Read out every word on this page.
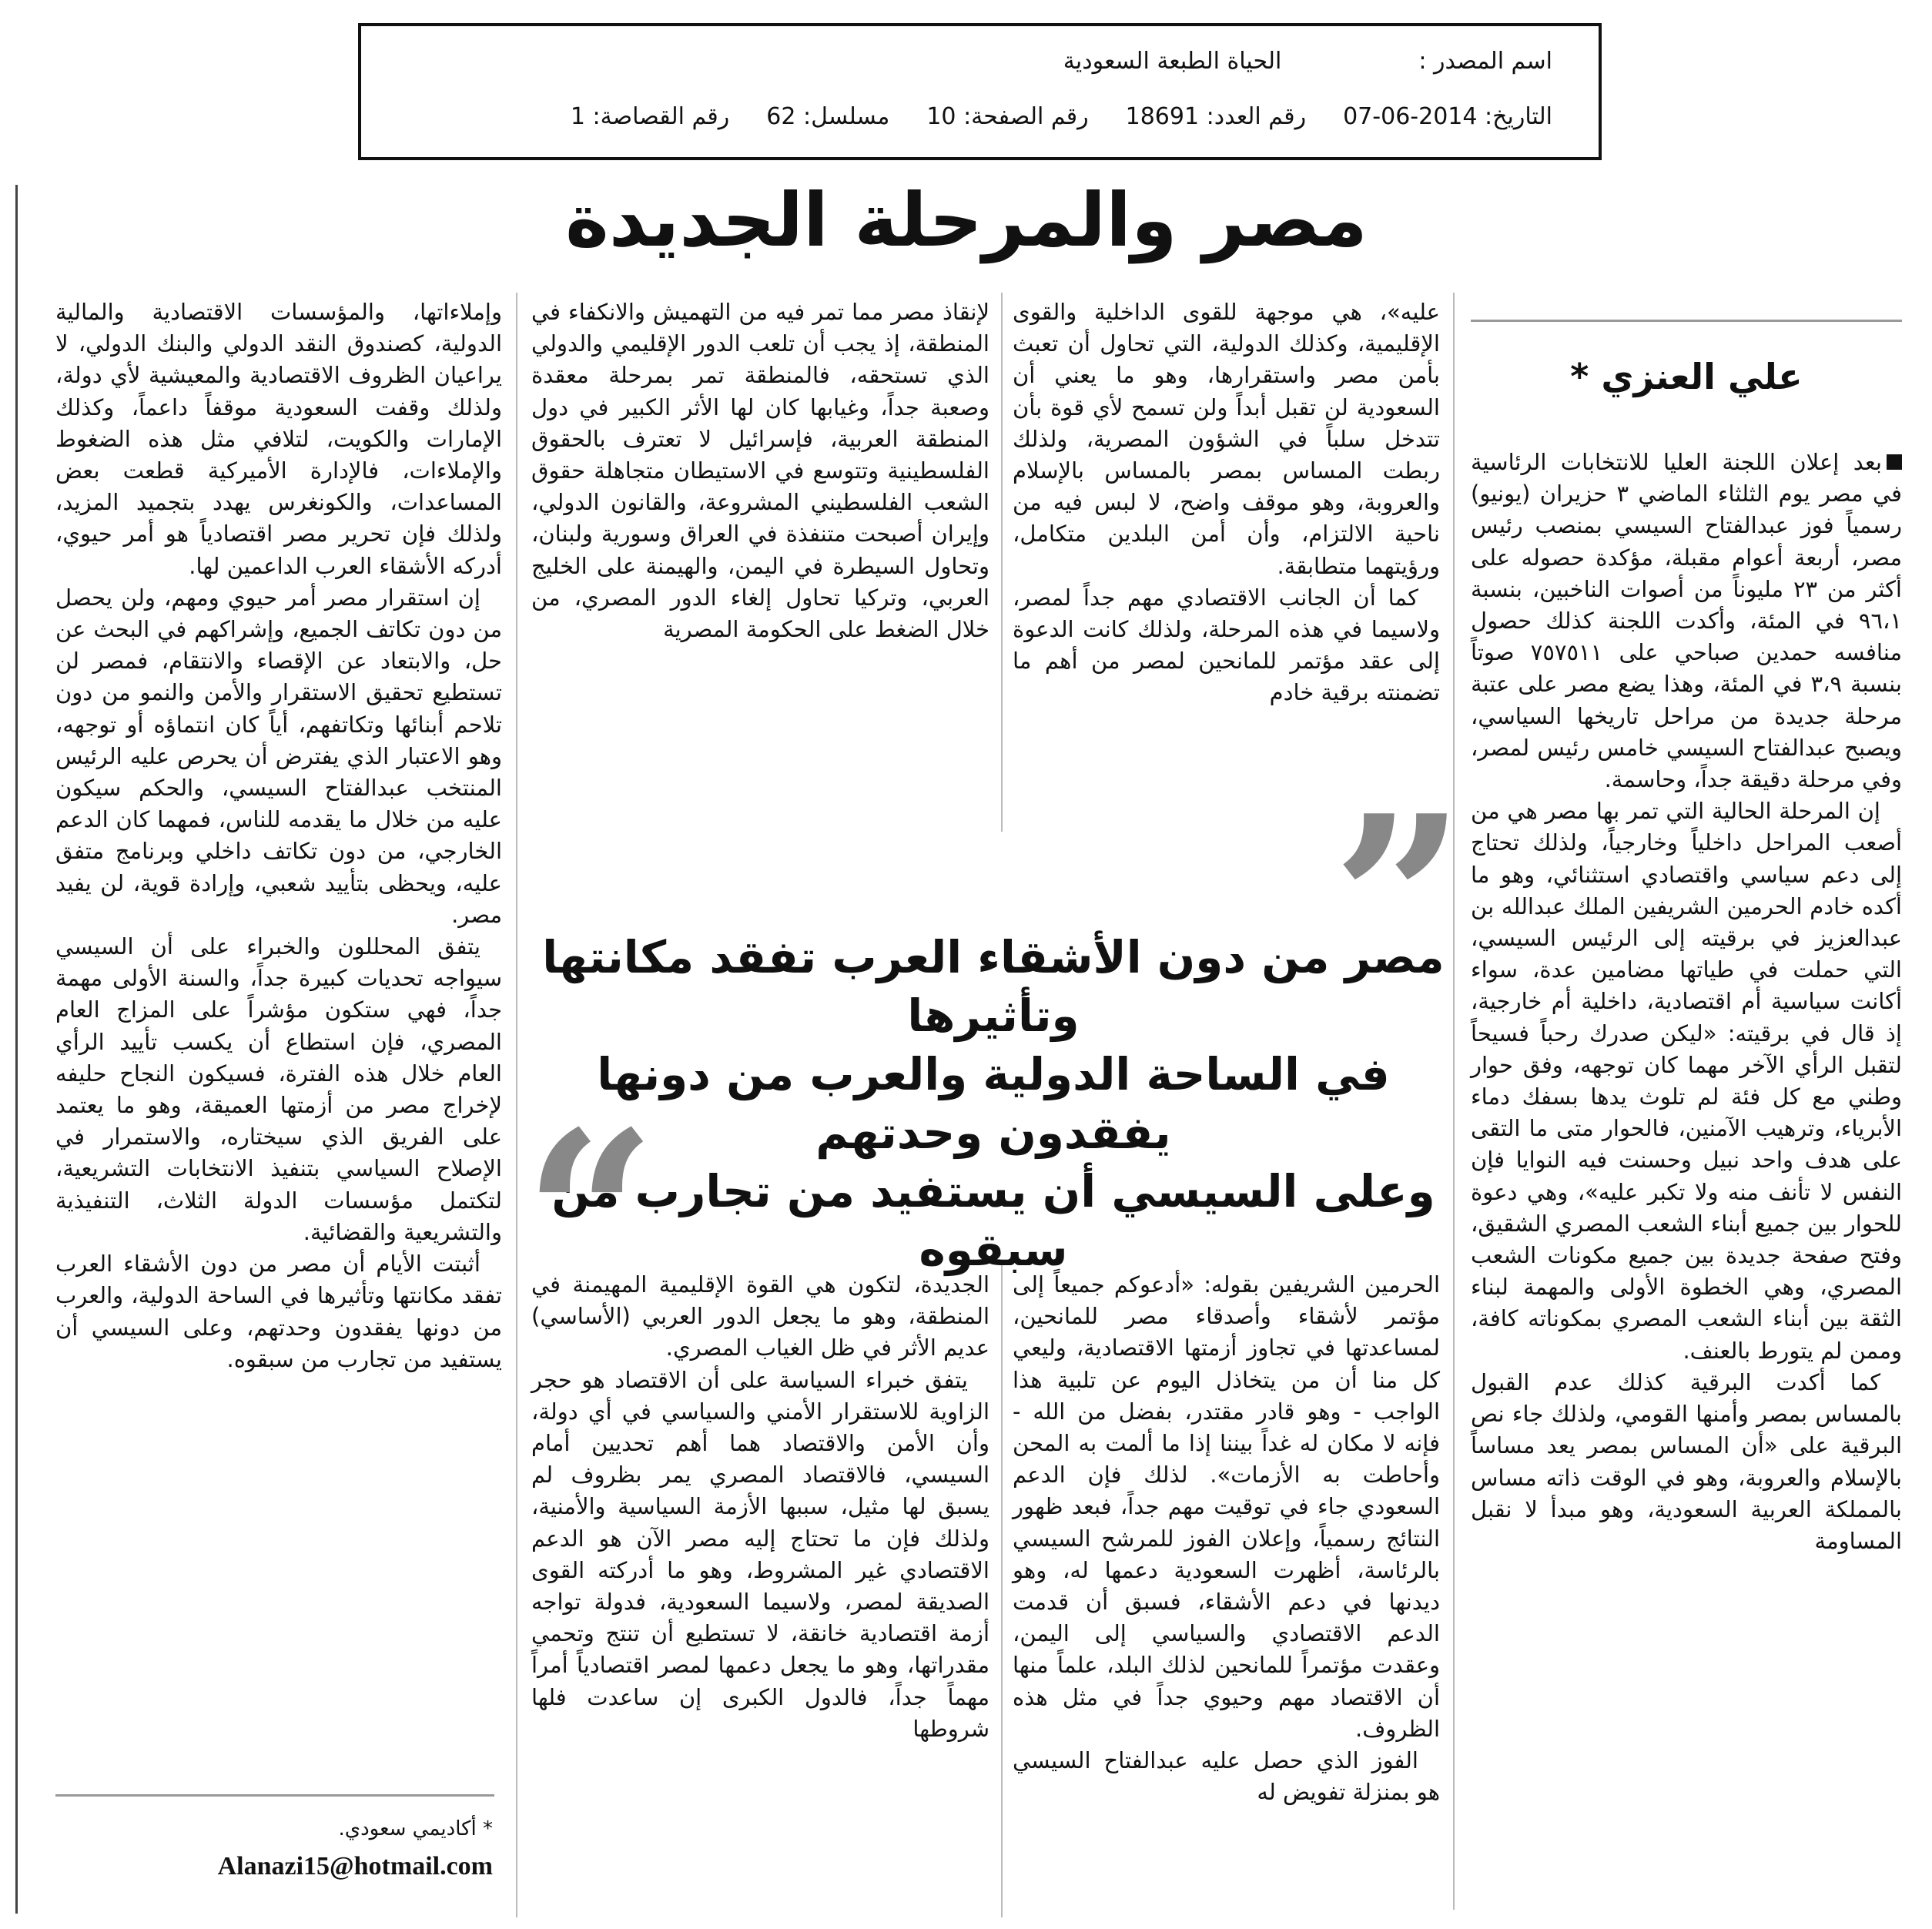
اسم المصدر :الحياة الطبعة السعودية
التاريخ: 2014-06-07رقم العدد: 18691رقم الصفحة: 10مسلسل: 62رقم القصاصة: 1
مصر والمرحلة الجديدة
علي العنزي *

بعد إعلان اللجنة العليا للانتخابات الرئاسية في مصر يوم الثلثاء الماضي ٣ حزيران (يونيو) رسمياً فوز عبدالفتاح السيسي بمنصب رئيس مصر، أربعة أعوام مقبلة، مؤكدة حصوله على أكثر من ٢٣ مليوناً من أصوات الناخبين، بنسبة ٩٦،١ في المئة، وأكدت اللجنة كذلك حصول منافسه حمدين صباحي على ٧٥٧٥١١ صوتاً بنسبة ٣،٩ في المئة، وهذا يضع مصر على عتبة مرحلة جديدة من مراحل تاريخها السياسي، ويصبح عبدالفتاح السيسي خامس رئيس لمصر، وفي مرحلة دقيقة جداً، وحاسمة.

إن المرحلة الحالية التي تمر بها مصر هي من أصعب المراحل داخلياً وخارجياً، ولذلك تحتاج إلى دعم سياسي واقتصادي استثنائي، وهو ما أكده خادم الحرمين الشريفين الملك عبدالله بن عبدالعزيز في برقيته إلى الرئيس السيسي، التي حملت في طياتها مضامين عدة، سواء أكانت سياسية أم اقتصادية، داخلية أم خارجية، إذ قال في برقيته: «ليكن صدرك رحباً فسيحاً لتقبل الرأي الآخر مهما كان توجهه، وفق حوار وطني مع كل فئة لم تلوث يدها بسفك دماء الأبرياء، وترهيب الآمنين، فالحوار متى ما التقى على هدف واحد نبيل وحسنت فيه النوايا فإن النفس لا تأنف منه ولا تكبر عليه»، وهي دعوة للحوار بين جميع أبناء الشعب المصري الشقيق، وفتح صفحة جديدة بين جميع مكونات الشعب المصري، وهي الخطوة الأولى والمهمة لبناء الثقة بين أبناء الشعب المصري بمكوناته كافة، وممن لم يتورط بالعنف.

كما أكدت البرقية كذلك عدم القبول بالمساس بمصر وأمنها القومي، ولذلك جاء نص البرقية على «أن المساس بمصر يعد مساساً بالإسلام والعروبة، وهو في الوقت ذاته مساس بالمملكة العربية السعودية، وهو مبدأ لا نقبل المساومة

عليه»، هي موجهة للقوى الداخلية والقوى الإقليمية، وكذلك الدولية، التي تحاول أن تعبث بأمن مصر واستقرارها، وهو ما يعني أن السعودية لن تقبل أبداً ولن تسمح لأي قوة بأن تتدخل سلباً في الشؤون المصرية، ولذلك ربطت المساس بمصر بالمساس بالإسلام والعروبة، وهو موقف واضح، لا لبس فيه من ناحية الالتزام، وأن أمن البلدين متكامل، ورؤيتهما متطابقة.

كما أن الجانب الاقتصادي مهم جداً لمصر، ولاسيما في هذه المرحلة، ولذلك كانت الدعوة إلى عقد مؤتمر للمانحين لمصر من أهم ما تضمنته برقية خادم

لإنقاذ مصر مما تمر فيه من التهميش والانكفاء في المنطقة، إذ يجب أن تلعب الدور الإقليمي والدولي الذي تستحقه، فالمنطقة تمر بمرحلة معقدة وصعبة جداً، وغيابها كان لها الأثر الكبير في دول المنطقة العربية، فإسرائيل لا تعترف بالحقوق الفلسطينية وتتوسع في الاستيطان متجاهلة حقوق الشعب الفلسطيني المشروعة، والقانون الدولي، وإيران أصبحت متنفذة في العراق وسورية ولبنان، وتحاول السيطرة في اليمن، والهيمنة على الخليج العربي، وتركيا تحاول إلغاء الدور المصري، من خلال الضغط على الحكومة المصرية

وإملاءاتها، والمؤسسات الاقتصادية والمالية الدولية، كصندوق النقد الدولي والبنك الدولي، لا يراعيان الظروف الاقتصادية والمعيشية لأي دولة، ولذلك وقفت السعودية موقفاً داعماً، وكذلك الإمارات والكويت، لتلافي مثل هذه الضغوط والإملاءات، فالإدارة الأميركية قطعت بعض المساعدات، والكونغرس يهدد بتجميد المزيد، ولذلك فإن تحرير مصر اقتصادياً هو أمر حيوي، أدركه الأشقاء العرب الداعمين لها.

إن استقرار مصر أمر حيوي ومهم، ولن يحصل من دون تكاتف الجميع، وإشراكهم في البحث عن حل، والابتعاد عن الإقصاء والانتقام، فمصر لن تستطيع تحقيق الاستقرار والأمن والنمو من دون تلاحم أبنائها وتكاتفهم، أياً كان انتماؤه أو توجهه، وهو الاعتبار الذي يفترض أن يحرص عليه الرئيس المنتخب عبدالفتاح السيسي، والحكم سيكون عليه من خلال ما يقدمه للناس، فمهما كان الدعم الخارجي، من دون تكاتف داخلي وبرنامج متفق عليه، ويحظى بتأييد شعبي، وإرادة قوية، لن يفيد مصر.

يتفق المحللون والخبراء على أن السيسي سيواجه تحديات كبيرة جداً، والسنة الأولى مهمة جداً، فهي ستكون مؤشراً على المزاج العام المصري، فإن استطاع أن يكسب تأييد الرأي العام خلال هذه الفترة، فسيكون النجاح حليفه لإخراج مصر من أزمتها العميقة، وهو ما يعتمد على الفريق الذي سيختاره، والاستمرار في الإصلاح السياسي بتنفيذ الانتخابات التشريعية، لتكتمل مؤسسات الدولة الثلاث، التنفيذية والتشريعية والقضائية.

أثبتت الأيام أن مصر من دون الأشقاء العرب تفقد مكانتها وتأثيرها في الساحة الدولية، والعرب من دونها يفقدون وحدتهم، وعلى السيسي أن يستفيد من تجارب من سبقوه.

”
مصر من دون الأشقاء العرب تفقد مكانتها وتأثيرها
في الساحة الدولية والعرب من دونها يفقدون وحدتهم
وعلى السيسي أن يستفيد من تجارب من سبقوه
“	الحرمين الشريفين بقوله: «أدعوكم جميعاً إلى مؤتمر لأشقاء وأصدقاء مصر للمانحين، لمساعدتها في تجاوز أزمتها الاقتصادية، وليعي كل منا أن من يتخاذل اليوم عن تلبية هذا الواجب - وهو قادر مقتدر، بفضل من الله - فإنه لا مكان له غداً بيننا إذا ما ألمت به المحن وأحاطت به الأزمات». لذلك فإن الدعم السعودي جاء في توقيت مهم جداً، فبعد ظهور النتائج رسمياً، وإعلان الفوز للمرشح السيسي بالرئاسة، أظهرت السعودية دعمها له، وهو ديدنها في دعم الأشقاء، فسبق أن قدمت الدعم الاقتصادي والسياسي إلى اليمن، وعقدت مؤتمراً للمانحين لذلك البلد، علماً منها أن الاقتصاد مهم وحيوي جداً في مثل هذه الظروف.

الفوز الذي حصل عليه عبدالفتاح السيسي هو بمنزلة تفويض له

الجديدة، لتكون هي القوة الإقليمية المهيمنة في المنطقة، وهو ما يجعل الدور العربي (الأساسي) عديم الأثر في ظل الغياب المصري.

يتفق خبراء السياسة على أن الاقتصاد هو حجر الزاوية للاستقرار الأمني والسياسي في أي دولة، وأن الأمن والاقتصاد هما أهم تحديين أمام السيسي، فالاقتصاد المصري يمر بظروف لم يسبق لها مثيل، سببها الأزمة السياسية والأمنية، ولذلك فإن ما تحتاج إليه مصر الآن هو الدعم الاقتصادي غير المشروط، وهو ما أدركته القوى الصديقة لمصر، ولاسيما السعودية، فدولة تواجه أزمة اقتصادية خانقة، لا تستطيع أن تنتج وتحمي مقدراتها، وهو ما يجعل دعمها لمصر اقتصادياً أمراً مهماً جداً، فالدول الكبرى إن ساعدت فلها شروطها

* أكاديمي سعودي.
Alanazi15@hotmail.com
